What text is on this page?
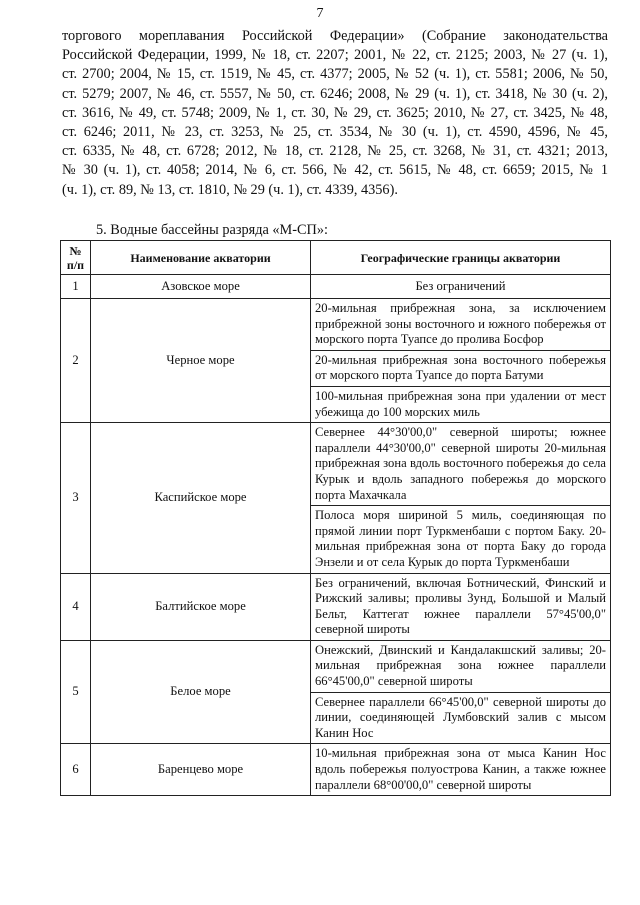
7
торгового мореплавания Российской Федерации» (Собрание законодательства
Российской Федерации, 1999, № 18, ст. 2207; 2001, № 22, ст. 2125; 2003, № 27 (ч. 1),
ст. 2700; 2004, № 15, ст. 1519, № 45, ст. 4377; 2005, № 52 (ч. 1), ст. 5581; 2006, № 50,
ст. 5279; 2007, № 46, ст. 5557, № 50, ст. 6246; 2008, № 29 (ч. 1), ст. 3418, № 30 (ч. 2),
ст. 3616, № 49, ст. 5748; 2009, № 1, ст. 30, № 29, ст. 3625; 2010, № 27, ст. 3425, № 48,
ст. 6246; 2011, № 23, ст. 3253, № 25, ст. 3534, № 30 (ч. 1), ст. 4590, 4596, № 45,
ст. 6335, № 48, ст. 6728; 2012, № 18, ст. 2128, № 25, ст. 3268, № 31, ст. 4321; 2013,
№ 30 (ч. 1), ст. 4058; 2014, № 6, ст. 566, № 42, ст. 5615, № 48, ст. 6659; 2015, № 1
(ч. 1), ст. 89, № 13, ст. 1810, № 29 (ч. 1), ст. 4339, 4356).
5. Водные бассейны разряда «М-СП»:
№
п/п	Наименование акватории	Географические границы акватории
1	Азовское море	Без ограничений
2	Черное море	20-мильная прибрежная зона, за исключением прибрежной зоны восточного и южного побережья от морского порта Туапсе до пролива Босфор
20-мильная прибрежная зона восточного побережья от морского порта Туапсе до порта Батуми
100-мильная прибрежная зона при удалении от мест убежища до 100 морских миль

3	Каспийское море	Севернее 44°30'00,0" северной широты; южнее параллели 44°30'00,0" северной широты 20-мильная прибрежная зона вдоль восточного побережья до села Курык и вдоль западного побережья до морского порта Махачкала
Полоса моря шириной 5 миль, соединяющая по прямой линии порт Туркменбаши с портом Баку. 20-мильная прибрежная зона от порта Баку до города Энзели и от села Курык до порта Туркменбаши

4	Балтийское море	Без ограничений, включая Ботнический, Финский и Рижский заливы; проливы Зунд, Большой и Малый Бельт, Каттегат южнее параллели 57°45'00,0" северной широты
5	Белое море	Онежский, Двинский и Кандалакшский заливы; 20-мильная прибрежная зона южнее параллели 66°45'00,0" северной широты
Севернее параллели 66°45'00,0" северной широты до линии, соединяющей Лумбовский залив с мысом Канин Нос

6	Баренцево море	10-мильная прибрежная зона от мыса Канин Нос вдоль побережья полуострова Канин, а также южнее параллели 68°00'00,0" северной широты
